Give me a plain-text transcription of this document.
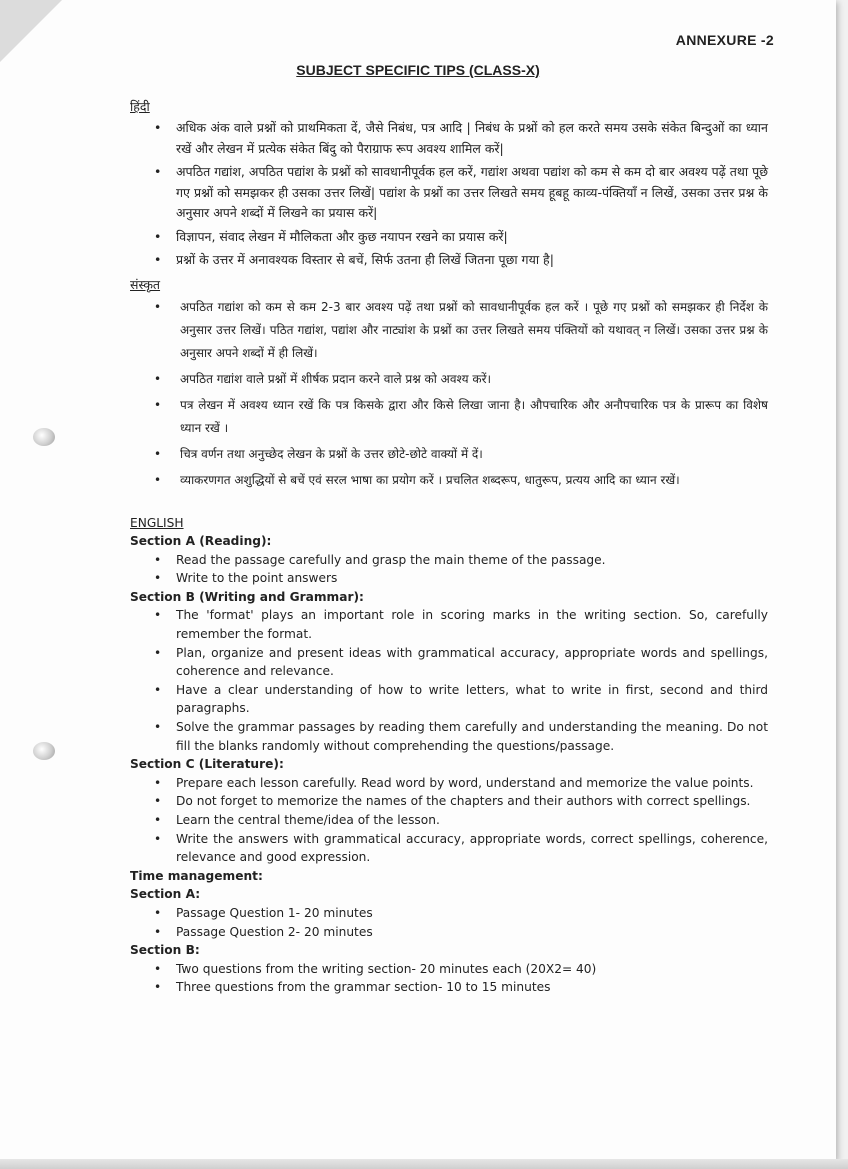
ANNEXURE -2
SUBJECT SPECIFIC TIPS (CLASS-X)
हिंदी
• अधिक अंक वाले प्रश्नों को प्राथमिकता दें, जैसे निबंध, पत्र आदि | निबंध के प्रश्नों को हल करते समय उसके संकेत बिन्दुओं का ध्यान रखें और लेखन में प्रत्येक संकेत बिंदु को पैराग्राफ रूप अवश्य शामिल करें|
• अपठित गद्यांश, अपठित पद्यांश के प्रश्नों को सावधानीपूर्वक हल करें, गद्यांश अथवा पद्यांश को कम से कम दो बार अवश्य पढ़ें तथा पूछे गए प्रश्नों को समझकर ही उसका उत्तर लिखें| पद्यांश के प्रश्नों का उत्तर लिखते समय हूबहू काव्य-पंक्तियाँ न लिखें, उसका उत्तर प्रश्न के अनुसार अपने शब्दों में लिखने का प्रयास करें|
• विज्ञापन, संवाद लेखन में मौलिकता और कुछ नयापन रखने का प्रयास करें|
• प्रश्नों के उत्तर में अनावश्यक विस्तार से बचें, सिर्फ उतना ही लिखें जितना पूछा गया है|
संस्कृत
• अपठित गद्यांश को कम से कम 2-3 बार अवश्य पढ़ें तथा प्रश्नों को सावधानीपूर्वक हल करें । पूछे गए प्रश्नों को समझकर ही निर्देश के अनुसार उत्तर लिखें। पठित गद्यांश, पद्यांश और नाट्यांश के प्रश्नों का उत्तर लिखते समय पंक्तियों को यथावत् न लिखें। उसका उत्तर प्रश्न के अनुसार अपने शब्दों में ही लिखें।
• अपठित गद्यांश वाले प्रश्नों में शीर्षक प्रदान करने वाले प्रश्न को अवश्य करें।
• पत्र लेखन में अवश्य ध्यान रखें कि पत्र किसके द्वारा और किसे लिखा जाना है। औपचारिक और अनौपचारिक पत्र के प्रारूप का विशेष ध्यान रखें ।
• चित्र वर्णन तथा अनुच्छेद लेखन के प्रश्नों के उत्तर छोटे-छोटे वाक्यों में दें।
• व्याकरणगत अशुद्धियों से बचें एवं सरल भाषा का प्रयोग करें । प्रचलित शब्दरूप, धातुरूप, प्रत्यय आदि का ध्यान रखें।
ENGLISH
Section A (Reading):
• Read the passage carefully and grasp the main theme of the passage.
• Write to the point answers
Section B (Writing and Grammar):
• The 'format' plays an important role in scoring marks in the writing section. So, carefully remember the format.
• Plan, organize and present ideas with grammatical accuracy, appropriate words and spellings, coherence and relevance.
• Have a clear understanding of how to write letters, what to write in first, second and third paragraphs.
• Solve the grammar passages by reading them carefully and understanding the meaning. Do not fill the blanks randomly without comprehending the questions/passage.
Section C (Literature):
• Prepare each lesson carefully. Read word by word, understand and memorize the value points.
• Do not forget to memorize the names of the chapters and their authors with correct spellings.
• Learn the central theme/idea of the lesson.
• Write the answers with grammatical accuracy, appropriate words, correct spellings, coherence, relevance and good expression.
Time management:
Section A:
• Passage Question 1- 20 minutes
• Passage Question 2- 20 minutes
Section B:
• Two questions from the writing section- 20 minutes each (20X2= 40)
• Three questions from the grammar section- 10 to 15 minutes
